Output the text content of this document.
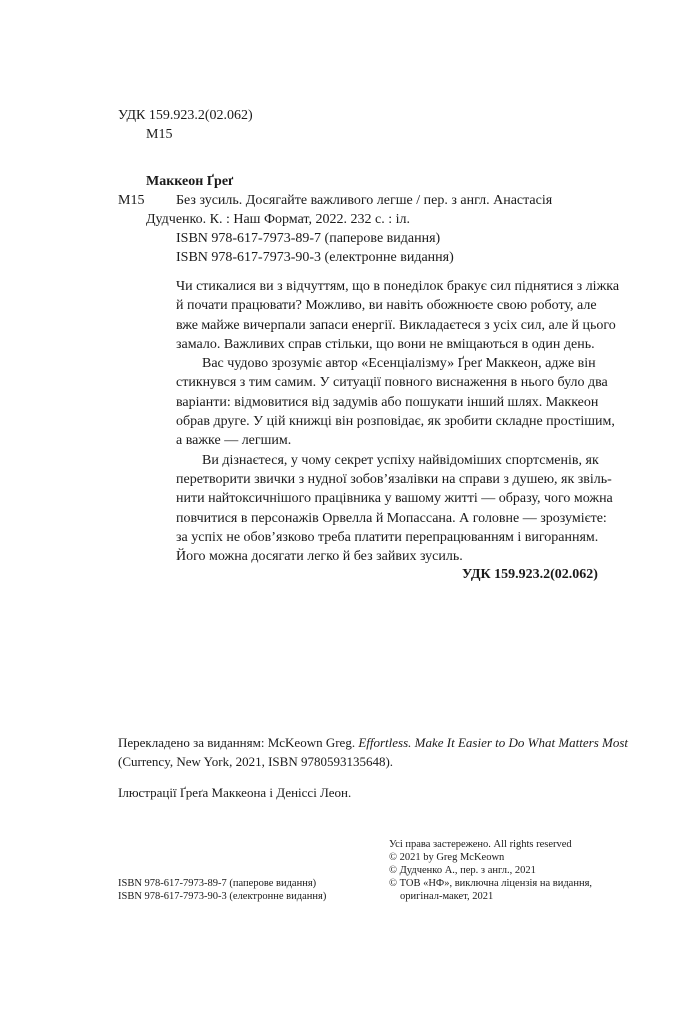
УДК 159.923.2(02.062)
М15
Маккеон Ґреґ
М15 Без зусиль. Досягайте важливого легше / пер. з англ. Анастасія
Дудченко. К. : Наш Формат, 2022. 232 с. : іл.
ISBN 978-617-7973-89-7 (паперове видання)
ISBN 978-617-7973-90-3 (електронне видання)

Чи стикалися ви з відчуттям, що в понеділок бракує сил піднятися з ліжка

й почати працювати? Можливо, ви навіть обожнюєте свою роботу, але

вже майже вичерпали запаси енергії. Викладаєтеся з усіх сил, але й цього

замало. Важливих справ стільки, що вони не вміщаються в один день.

Вас чудово зрозуміє автор «Есенціалізму» Ґреґ Маккеон, адже він

стикнувся з тим самим. У ситуації повного виснаження в нього було два

варіанти: відмовитися від задумів або пошукати інший шлях. Маккеон

обрав друге. У цій книжці він розповідає, як зробити складне простішим,

а важке — легшим.

Ви дізнаєтеся, у чому секрет успіху найвідоміших спортсменів, як

перетворити звички з нудної зобов’язалівки на справи з душею, як звіль-

нити найтоксичнішого працівника у вашому житті — образу, чого можна

повчитися в персонажів Орвелла й Мопассана. А головне — зрозумієте:

за успіх не обов’язково треба платити перепрацюванням і вигоранням.

Його можна досягати легко й без зайвих зусиль.

УДК 159.923.2(02.062)
Перекладено за виданням: McKeown Greg. Effortless. Make It Easier to Do What Matters Most
(Currency, New York, 2021, ISBN 9780593135648).
Ілюстрації Ґреґа Маккеона і Деніссі Леон.
Усі права застережено. All rights reserved
© 2021 by Greg McKeown
© Дудченко А., пер. з англ., 2021
© ТОВ «НФ», виключна ліцензія на видання,
оригінал-макет, 2021
ISBN 978-617-7973-89-7 (паперове видання)
ISBN 978-617-7973-90-3 (електронне видання)
